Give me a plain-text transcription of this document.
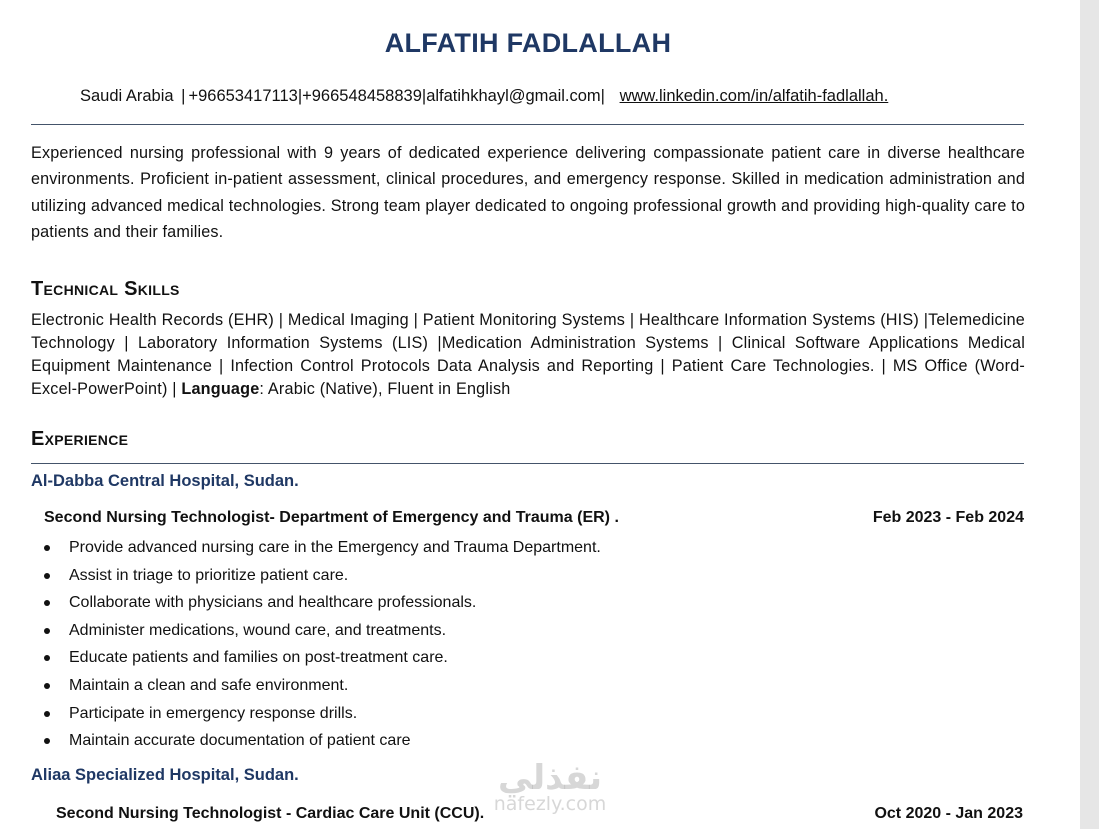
ALFATIH FADLALLAH
Saudi Arabia | +96653417113|+966548458839|alfatihkhayl@gmail.com| www.linkedin.com/in/alfatih-fadlallah.
Experienced nursing professional with 9 years of dedicated experience delivering compassionate patient care in diverse healthcare environments. Proficient in-patient assessment, clinical procedures, and emergency response. Skilled in medication administration and utilizing advanced medical technologies. Strong team player dedicated to ongoing professional growth and providing high-quality care to patients and their families.
Technical Skills
Electronic Health Records (EHR) | Medical Imaging | Patient Monitoring Systems | Healthcare Information Systems (HIS) |Telemedicine Technology | Laboratory Information Systems (LIS) |Medication Administration Systems | Clinical Software Applications Medical Equipment Maintenance | Infection Control Protocols Data Analysis and Reporting | Patient Care Technologies. | MS Office (Word-Excel-PowerPoint) | Language: Arabic (Native), Fluent in English
Experience
Al-Dabba Central Hospital, Sudan.
Second Nursing Technologist- Department of Emergency and Trauma (ER) .	Feb 2023 - Feb 2024
Provide advanced nursing care in the Emergency and Trauma Department.
Assist in triage to prioritize patient care.
Collaborate with physicians and healthcare professionals.
Administer medications, wound care, and treatments.
Educate patients and families on post-treatment care.
Maintain a clean and safe environment.
Participate in emergency response drills.
Maintain accurate documentation of patient care
Aliaa Specialized Hospital, Sudan.
Second Nursing Technologist - Cardiac Care Unit (CCU).	Oct 2020 - Jan 2023
نفذلي
nafezly.com
